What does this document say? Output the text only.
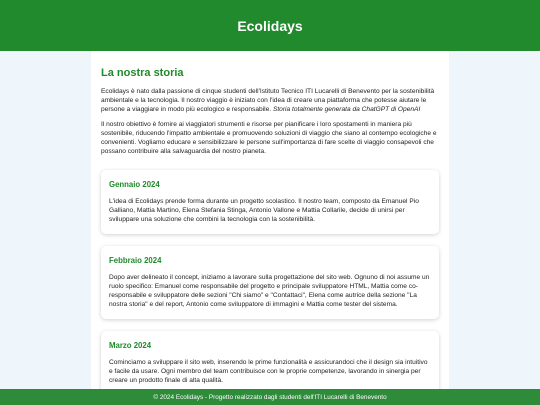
Ecolidays
La nostra storia

Ecolidays è nato dalla passione di cinque studenti dell'Istituto Tecnico ITI Lucarelli di Benevento per la sostenibilità ambientale e la tecnologia. Il nostro viaggio è iniziato con l'idea di creare una piattaforma che potesse aiutare le persone a viaggiare in modo più ecologico e responsabile. Storia totalmente generata da ChatGPT di OpenAI

Il nostro obiettivo è fornire ai viaggiatori strumenti e risorse per pianificare i loro spostamenti in maniera più sostenibile, riducendo l'impatto ambientale e promuovendo soluzioni di viaggio che siano al contempo ecologiche e convenienti. Vogliamo educare e sensibilizzare le persone sull'importanza di fare scelte di viaggio consapevoli che possano contribuire alla salvaguardia del nostro pianeta.

Gennaio 2024

L'idea di Ecolidays prende forma durante un progetto scolastico. Il nostro team, composto da Emanuel Pio Galliano, Mattia Martino, Elena Stefania Stinga, Antonio Vallone e Mattia Collarile, decide di unirsi per sviluppare una soluzione che combini la tecnologia con la sostenibilità.

Febbraio 2024

Dopo aver delineato il concept, iniziamo a lavorare sulla progettazione del sito web. Ognuno di noi assume un ruolo specifico: Emanuel come responsabile del progetto e principale sviluppatore HTML, Mattia come co-responsabile e sviluppatore delle sezioni "Chi siamo" e "Contattaci", Elena come autrice della sezione "La nostra storia" e del report, Antonio come sviluppatore di immagini e Mattia come tester del sistema.

Marzo 2024

Cominciamo a sviluppare il sito web, inserendo le prime funzionalità e assicurandoci che il design sia intuitivo e facile da usare. Ogni membro del team contribuisce con le proprie competenze, lavorando in sinergia per creare un prodotto finale di alta qualità.

© 2024 Ecolidays - Progetto realizzato dagli studenti dell'ITI Lucarelli di Benevento
